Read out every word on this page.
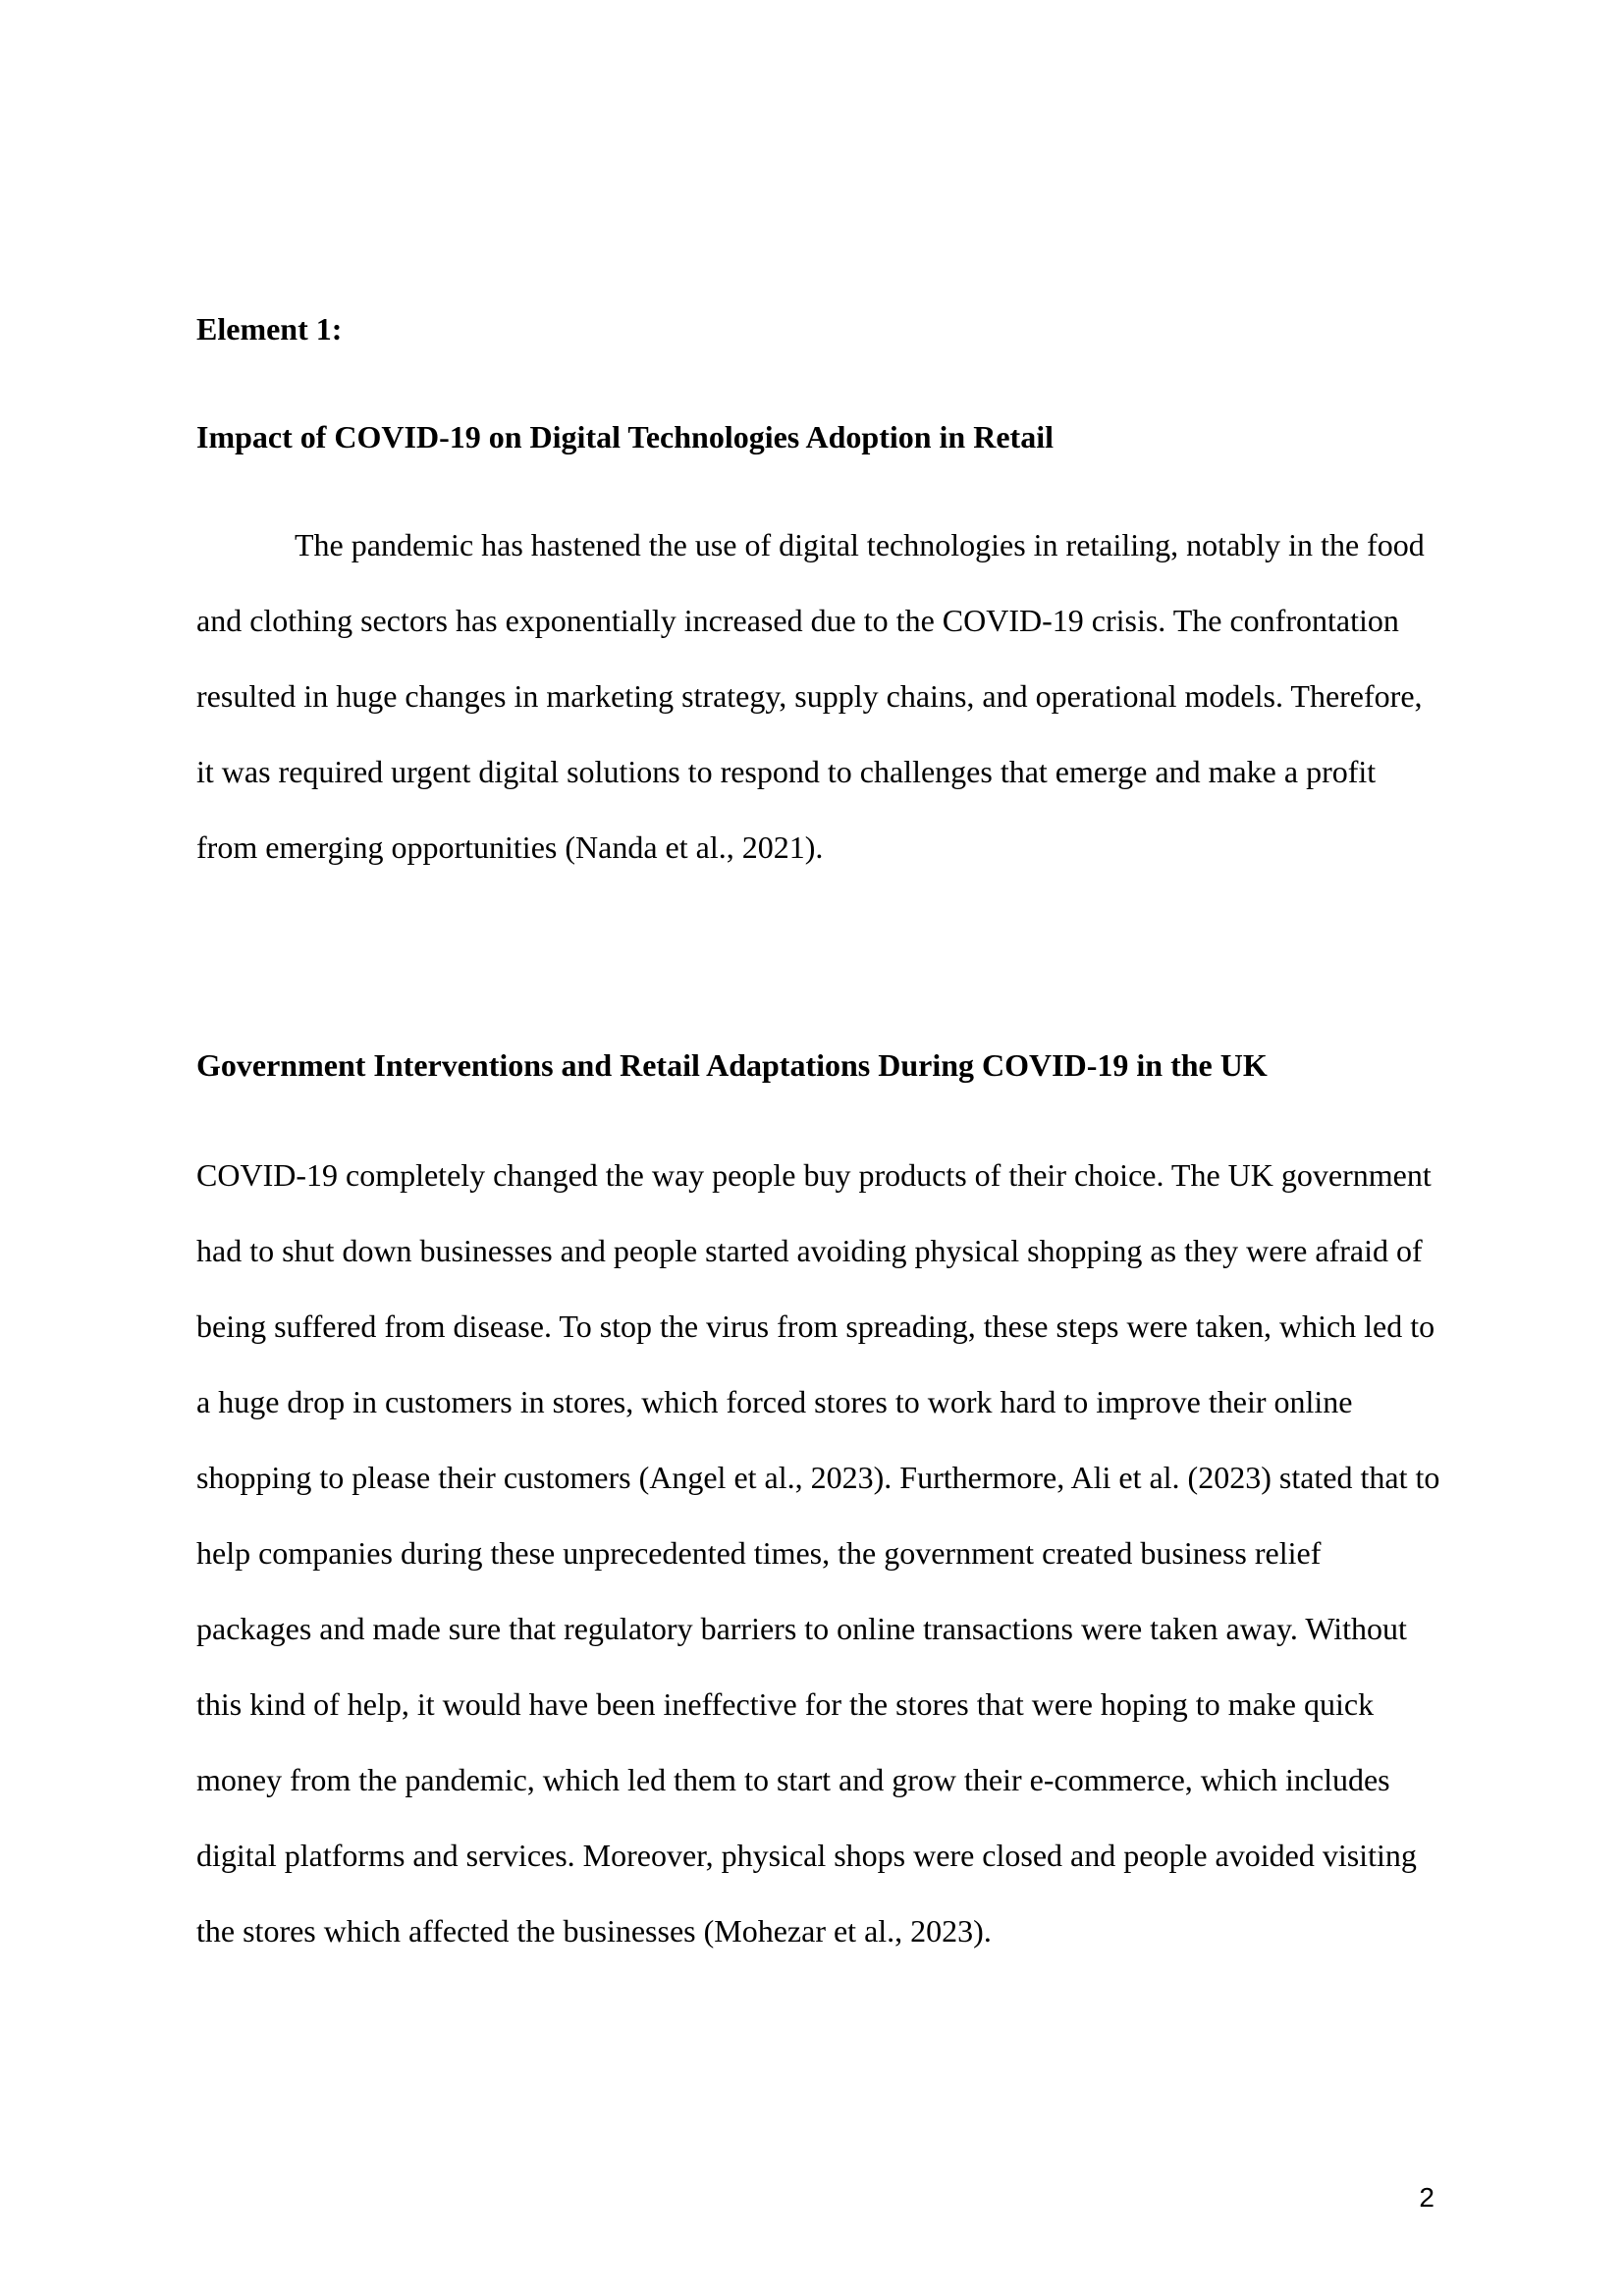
Element 1:

Impact of COVID-19 on Digital Technologies Adoption in Retail

The pandemic has hastened the use of digital technologies in retailing, notably in the food and clothing sectors has exponentially increased due to the COVID-19 crisis. The confrontation resulted in huge changes in marketing strategy, supply chains, and operational models. Therefore, it was required urgent digital solutions to respond to challenges that emerge and make a profit from emerging opportunities (Nanda et al., 2021).

Government Interventions and Retail Adaptations During COVID-19 in the UK

COVID-19 completely changed the way people buy products of their choice. The UK government had to shut down businesses and people started avoiding physical shopping as they were afraid of being suffered from disease. To stop the virus from spreading, these steps were taken, which led to a huge drop in customers in stores, which forced stores to work hard to improve their online shopping to please their customers (Angel et al., 2023). Furthermore, Ali et al. (2023) stated that to help companies during these unprecedented times, the government created business relief packages and made sure that regulatory barriers to online transactions were taken away. Without this kind of help, it would have been ineffective for the stores that were hoping to make quick money from the pandemic, which led them to start and grow their e-commerce, which includes digital platforms and services. Moreover, physical shops were closed and people avoided visiting the stores which affected the businesses (Mohezar et al., 2023).

2
